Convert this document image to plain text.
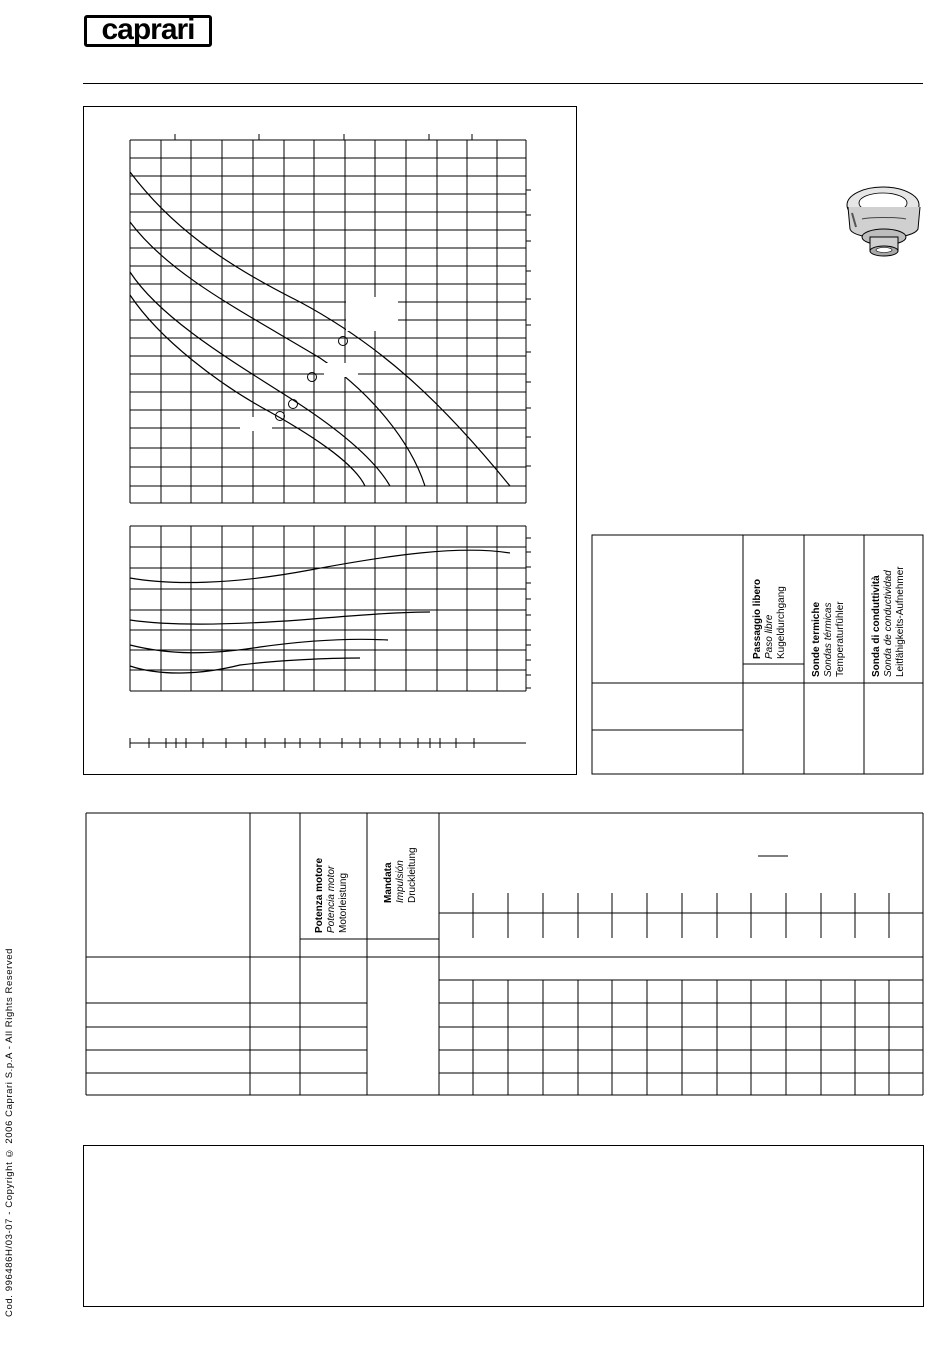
caprari
Passaggio libero
Paso libre
Kugeldurchgang Sonde termiche
Sondas térmicas
Temperaturfühler	Sonda di conduttività
Sonda de conductividad
Leitfähigkeits-Aufnehmer
Potenza motore
Potencia motor
Motorleistung	Mandata
Impulsión
Druckleitung
Cod. 996486H/03-07 - Copyright © 2006 Caprari S.p.A - All Rights Reserved
